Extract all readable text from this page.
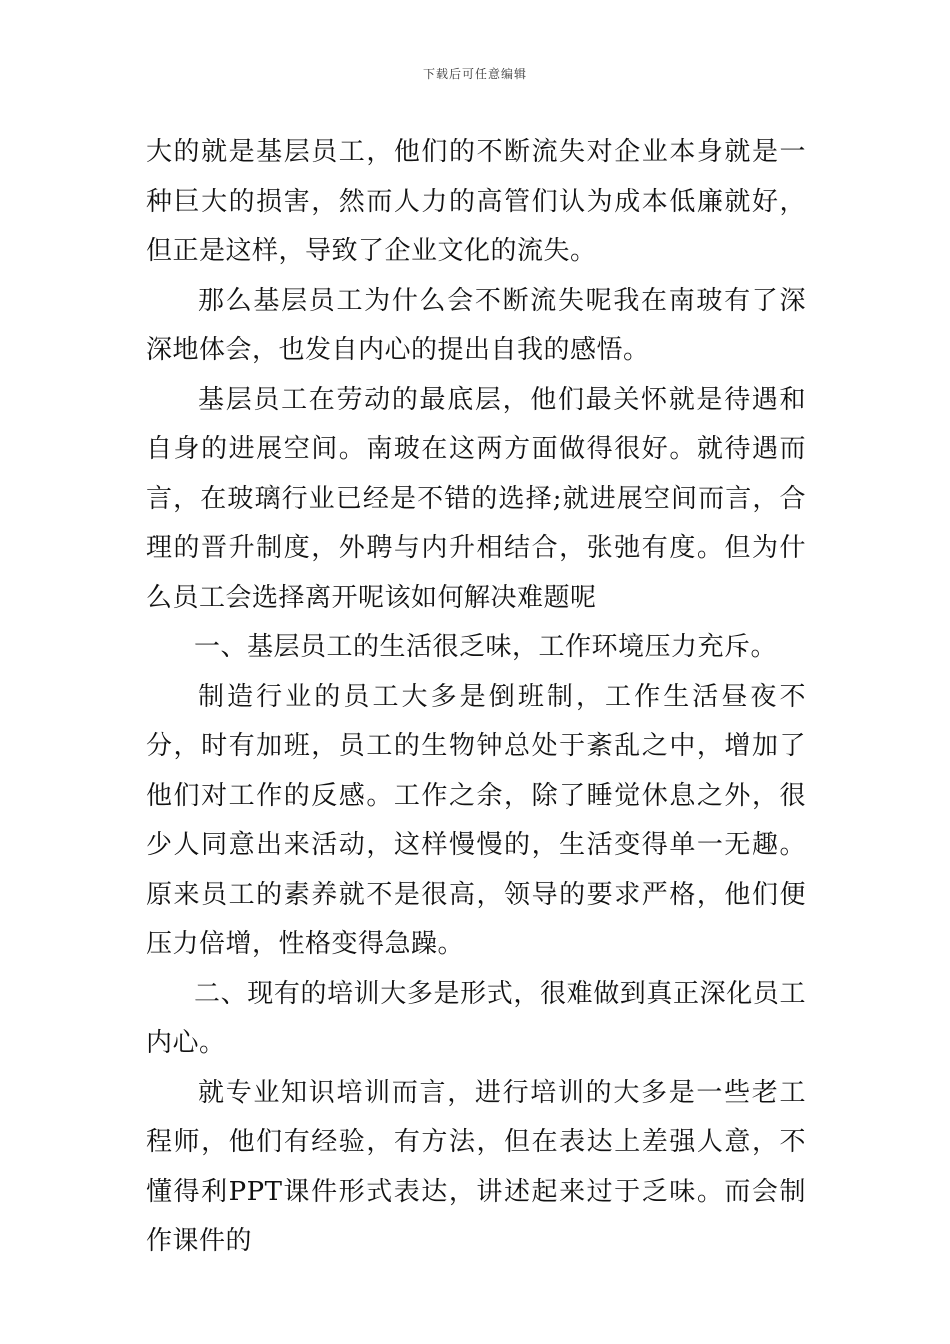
下载后可任意编辑

大的就是基层员工，他们的不断流失对企业本身就是一种巨大的损害，然而人力的高管们认为成本低廉就好，但正是这样，导致了企业文化的流失。

那么基层员工为什么会不断流失呢我在南玻有了深深地体会，也发自内心的提出自我的感悟。

基层员工在劳动的最底层，他们最关怀就是待遇和自身的进展空间。南玻在这两方面做得很好。就待遇而言，在玻璃行业已经是不错的选择;就进展空间而言，合理的晋升制度，外聘与内升相结合，张弛有度。但为什么员工会选择离开呢该如何解决难题呢

一、基层员工的生活很乏味，工作环境压力充斥。

制造行业的员工大多是倒班制，工作生活昼夜不分，时有加班，员工的生物钟总处于紊乱之中，增加了他们对工作的反感。工作之余，除了睡觉休息之外，很少人同意出来活动，这样慢慢的，生活变得单一无趣。原来员工的素养就不是很高，领导的要求严格，他们便压力倍增，性格变得急躁。

二、现有的培训大多是形式，很难做到真正深化员工内心。

就专业知识培训而言，进行培训的大多是一些老工程师，他们有经验，有方法，但在表达上差强人意，不懂得利PPT课件形式表达，讲述起来过于乏味。而会制作课件的
